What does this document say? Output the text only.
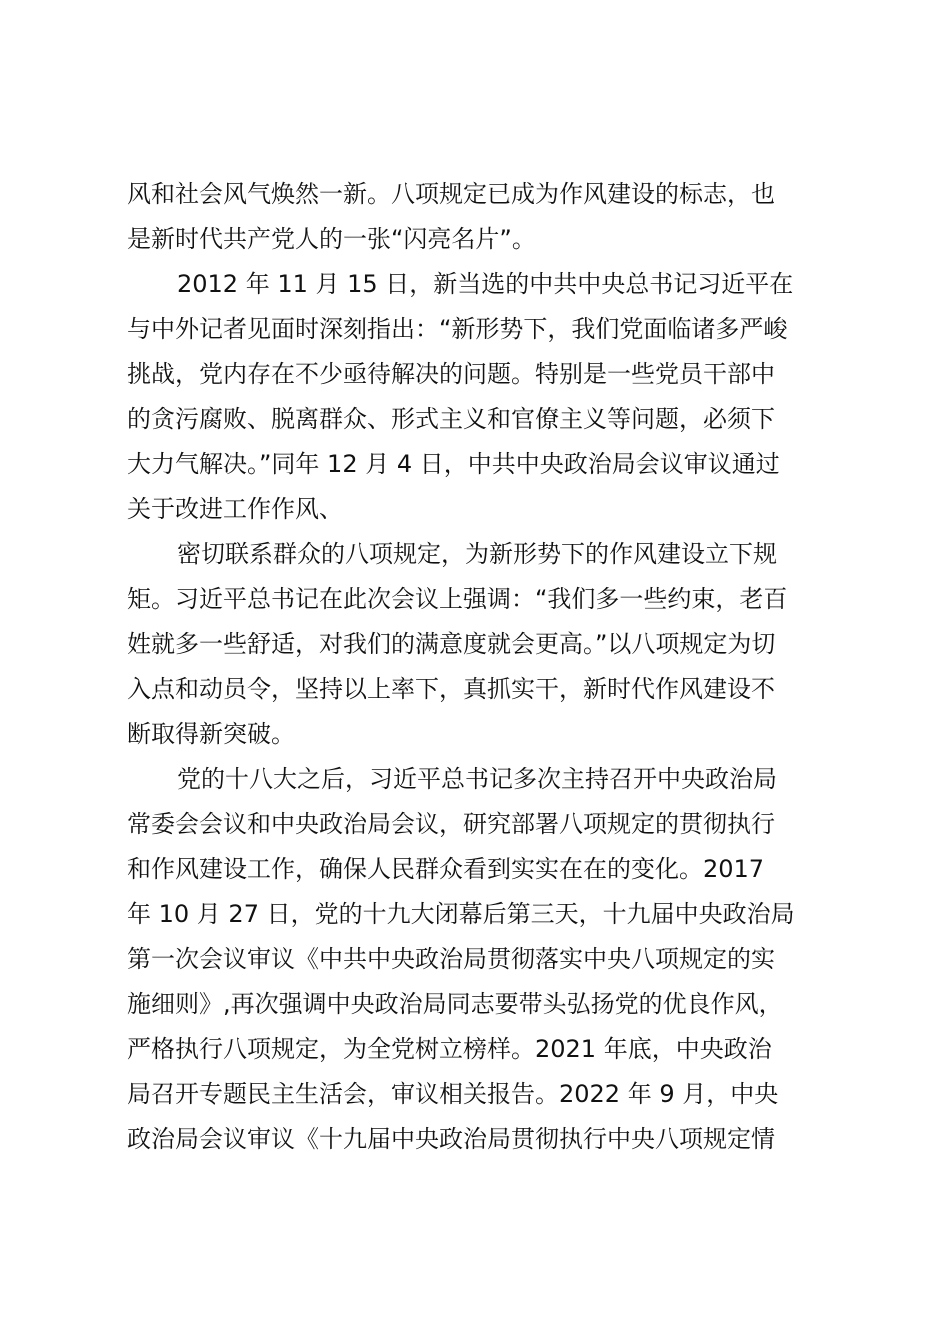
风和社会风气焕然一新。八项规定已成为作风建设的标志，也
是新时代共产党人的一张“闪亮名片”。

2012 年 11 月 15 日，新当选的中共中央总书记习近平在
与中外记者见面时深刻指出：“新形势下，我们党面临诸多严峻
挑战，党内存在不少亟待解决的问题。特别是一些党员干部中
的贪污腐败、脱离群众、形式主义和官僚主义等问题，必须下
大力气解决。”同年 12 月 4 日，中共中央政治局会议审议通过
关于改进工作作风、

密切联系群众的八项规定，为新形势下的作风建设立下规
矩。习近平总书记在此次会议上强调：“我们多一些约束，老百
姓就多一些舒适，对我们的满意度就会更高。”以八项规定为切
入点和动员令，坚持以上率下，真抓实干，新时代作风建设不
断取得新突破。

党的十八大之后，习近平总书记多次主持召开中央政治局
常委会会议和中央政治局会议，研究部署八项规定的贯彻执行
和作风建设工作，确保人民群众看到实实在在的变化。2017
年 10 月 27 日，党的十九大闭幕后第三天，十九届中央政治局
第一次会议审议《中共中央政治局贯彻落实中央八项规定的实
施细则》,再次强调中央政治局同志要带头弘扬党的优良作风，
严格执行八项规定，为全党树立榜样。2021 年底，中央政治
局召开专题民主生活会，审议相关报告。2022 年 9 月，中央
政治局会议审议《十九届中央政治局贯彻执行中央八项规定情
